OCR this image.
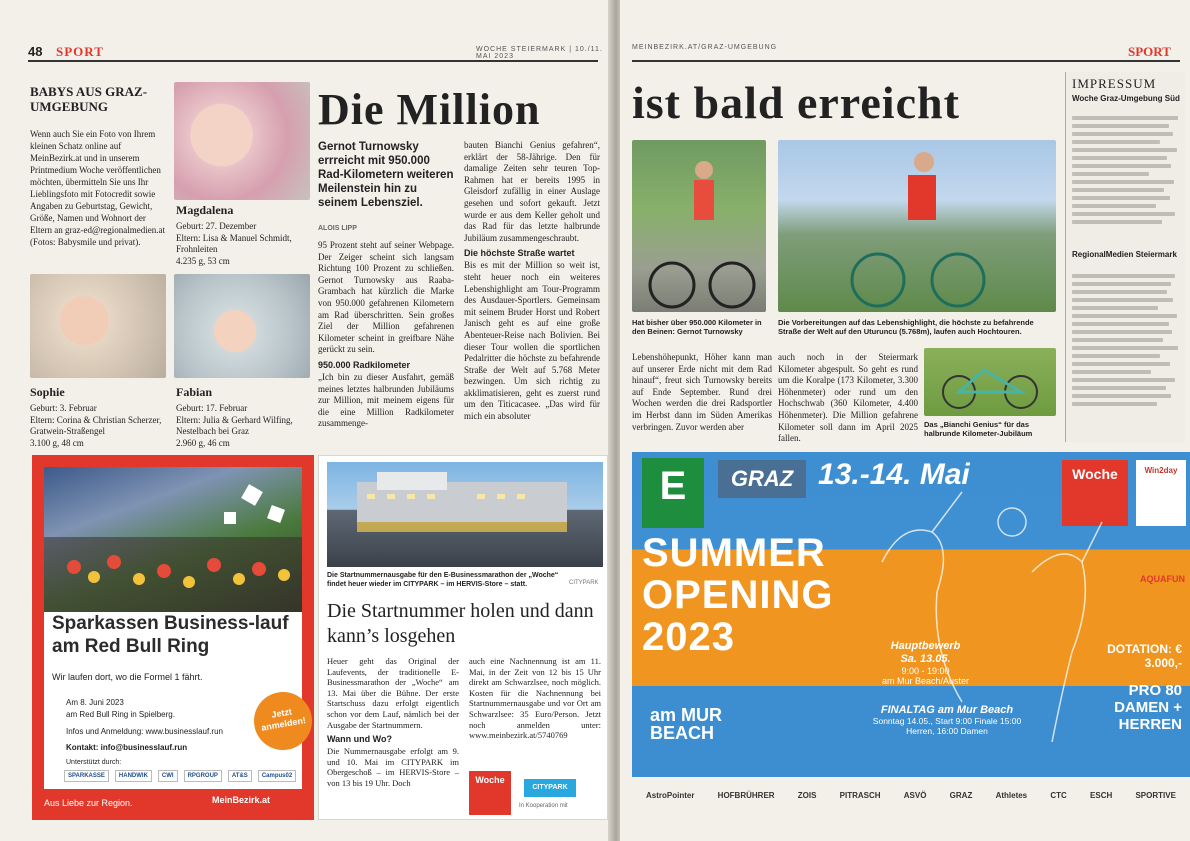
48 SPORT	WOCHE STEIERMARK | 10./11. MAI 2023
BABYS AUS GRAZ-UMGEBUNG
Wenn auch Sie ein Foto von Ihrem kleinen Schatz online auf MeinBezirk.at und in unserem Printmedium Woche veröffentlichen möchten, übermitteln Sie uns Ihr Lieblingsfoto mit Fotocredit sowie Angaben zu Geburtstag, Gewicht, Größe, Namen und Wohnort der Eltern an graz-ed@regionalmedien.at (Fotos: Babysmile und privat).
Magdalena
Geburt: 27. Dezember
Eltern: Lisa & Manuel Schmidt, Frohnleiten
4.235 g, 53 cm
Sophie
Geburt: 3. Februar
Eltern: Corina & Christian Scherzer, Gratwein-Straßengel
3.100 g, 48 cm
Fabian
Geburt: 17. Februar
Eltern: Julia & Gerhard Wilfing, Nestelbach bei Graz
2.960 g, 46 cm
Die Million
Gernot Turnowsky errreicht mit 950.000 Rad-Kilometern weiteren Meilenstein hin zu seinem Lebensziel.
ALOIS LIPP
95 Prozent steht auf seiner Webpage. Der Zeiger scheint sich langsam Richtung 100 Prozent zu schließen. Gernot Turnowsky aus Raaba-Grambach hat kürzlich die Marke von 950.000 gefahrenen Kilometern am Rad überschritten. Sein großes Ziel der Million gefahrenen Kilometer scheint in greifbare Nähe gerückt zu sein.
950.000 Radkilometer
„Ich bin zu dieser Ausfahrt, gemäß meines letztes halbrunden Jubiläums zur Million, mit meinem eigens für die eine Million Radkilometer zusammenge-
bauten Bianchi Genius gefahren“, erklärt der 58-Jährige. Den für damalige Zeiten sehr teuren Top-Rahmen hat er bereits 1995 in Gleisdorf zufällig in einer Auslage gesehen und sofort gekauft. Jetzt wurde er aus dem Keller geholt und das Rad für das letzte halbrunde Jubiläum zusammengeschraubt.
Die höchste Straße wartet
Bis es mit der Million so weit ist, steht heuer noch ein weiteres Lebenshighlight am Tour-Programm des Ausdauer-Sportlers. Gemeinsam mit seinem Bruder Horst und Robert Janisch geht es auf eine große Abenteuer-Reise nach Bolivien. Bei dieser Tour wollen die sportlichen Pedalritter die höchste zu befahrende Straße der Welt auf 5.768 Meter bezwingen. Um sich richtig zu akklimatisieren, geht es zuerst rund um den Titicacasee. „Das wird für mich ein absoluter
Sparkassen Business-lauf am Red Bull Ring
Wir laufen dort, wo die Formel 1 fährt.
Am 8. Juni 2023
am Red Bull Ring in Spielberg.
Infos und Anmeldung: www.businesslauf.run
Kontakt: info@businesslauf.run
Jetzt anmelden!
Unterstützt durch:
SPARKASSE	HANDWIK	CWI	RPGROUP	AT&S	Campus02
Aus Liebe zur Region.	MeinBezirk.at
Die Startnummernausgabe für den E-Businessmarathon der „Woche“ findet heuer wieder im CITYPARK – im HERVIS-Store – statt.	CITYPARK
Die Startnummer holen und dann kann’s losgehen
Heuer geht das Original der Laufevents, der traditionelle E-Businessmarathon der „Woche“ am 13. Mai über die Bühne. Der erste Startschuss dazu erfolgt eigentlich schon vor dem Lauf, nämlich bei der Ausgabe der Startnummern.
Wann und Wo?
Die Nummernausgabe erfolgt am 9. und 10. Mai im CITYPARK im Obergeschoß – im HERVIS-Store – von 13 bis 19 Uhr. Doch
auch eine Nachnennung ist am 11. Mai, in der Zeit von 12 bis 15 Uhr direkt am Schwarzlsee, noch möglich. Kosten für die Nachnennung bei Startnummernausgabe und vor Ort am Schwarzlsee: 35 Euro/Person. Jetzt noch anmelden unter: www.meinbezirk.at/5740769
Woche
CITYPARK
In Kooperation mit
MEINBEZIRK.AT/GRAZ-UMGEBUNG	SPORT
ist bald erreicht
Hat bisher über 950.000 Kilometer in den Beinen: Gernot Turnowsky
Die Vorbereitungen auf das Lebenshighlight, die höchste zu befahrende Straße der Welt auf den Uturuncu (5.768m), laufen auch Hochtouren.
Lebenshöhepunkt, Höher kann man auf unserer Erde nicht mit dem Rad hinauf“, freut sich Turnowsky bereits auf Ende September. Rund drei Wochen werden die drei Radsportler im Herbst dann im Süden Amerikas verbringen. Zuvor werden aber
auch noch in der Steiermark Kilometer abgespult. So geht es rund um die Koralpe (173 Kilometer, 3.300 Höhenmeter) oder rund um den Hochschwab (360 Kilometer, 4.400 Höhenmeter). Die Million gefahrene Kilometer soll dann im April 2025 fallen.
Das „Bianchi Genius“ für das halbrunde Kilometer-Jubiläum
IMPRESSUM
Woche Graz-Umgebung Süd
RegionalMedien Steiermark
E	GRAZ 13.-14. Mai	Woche	Win2day
SUMMER OPENING 2023	Hauptbewerb
Sa. 13.05.
9:00 - 19:00
am Mur Beach/Auster
FINALTAG am Mur Beach
Sonntag 14.05., Start 9:00 Finale 15:00 Herren, 16:00 Damen
DOTATION: € 3.000,-
PRO 80 DAMEN + HERREN
AQUAFUN
am MUR BEACH
AstroPointer	HOFBRÜHRER	ZOIS	PITRASCH	ASVÖ	GRAZ	Athletes	CTC	ESCH	SPORTIVE
